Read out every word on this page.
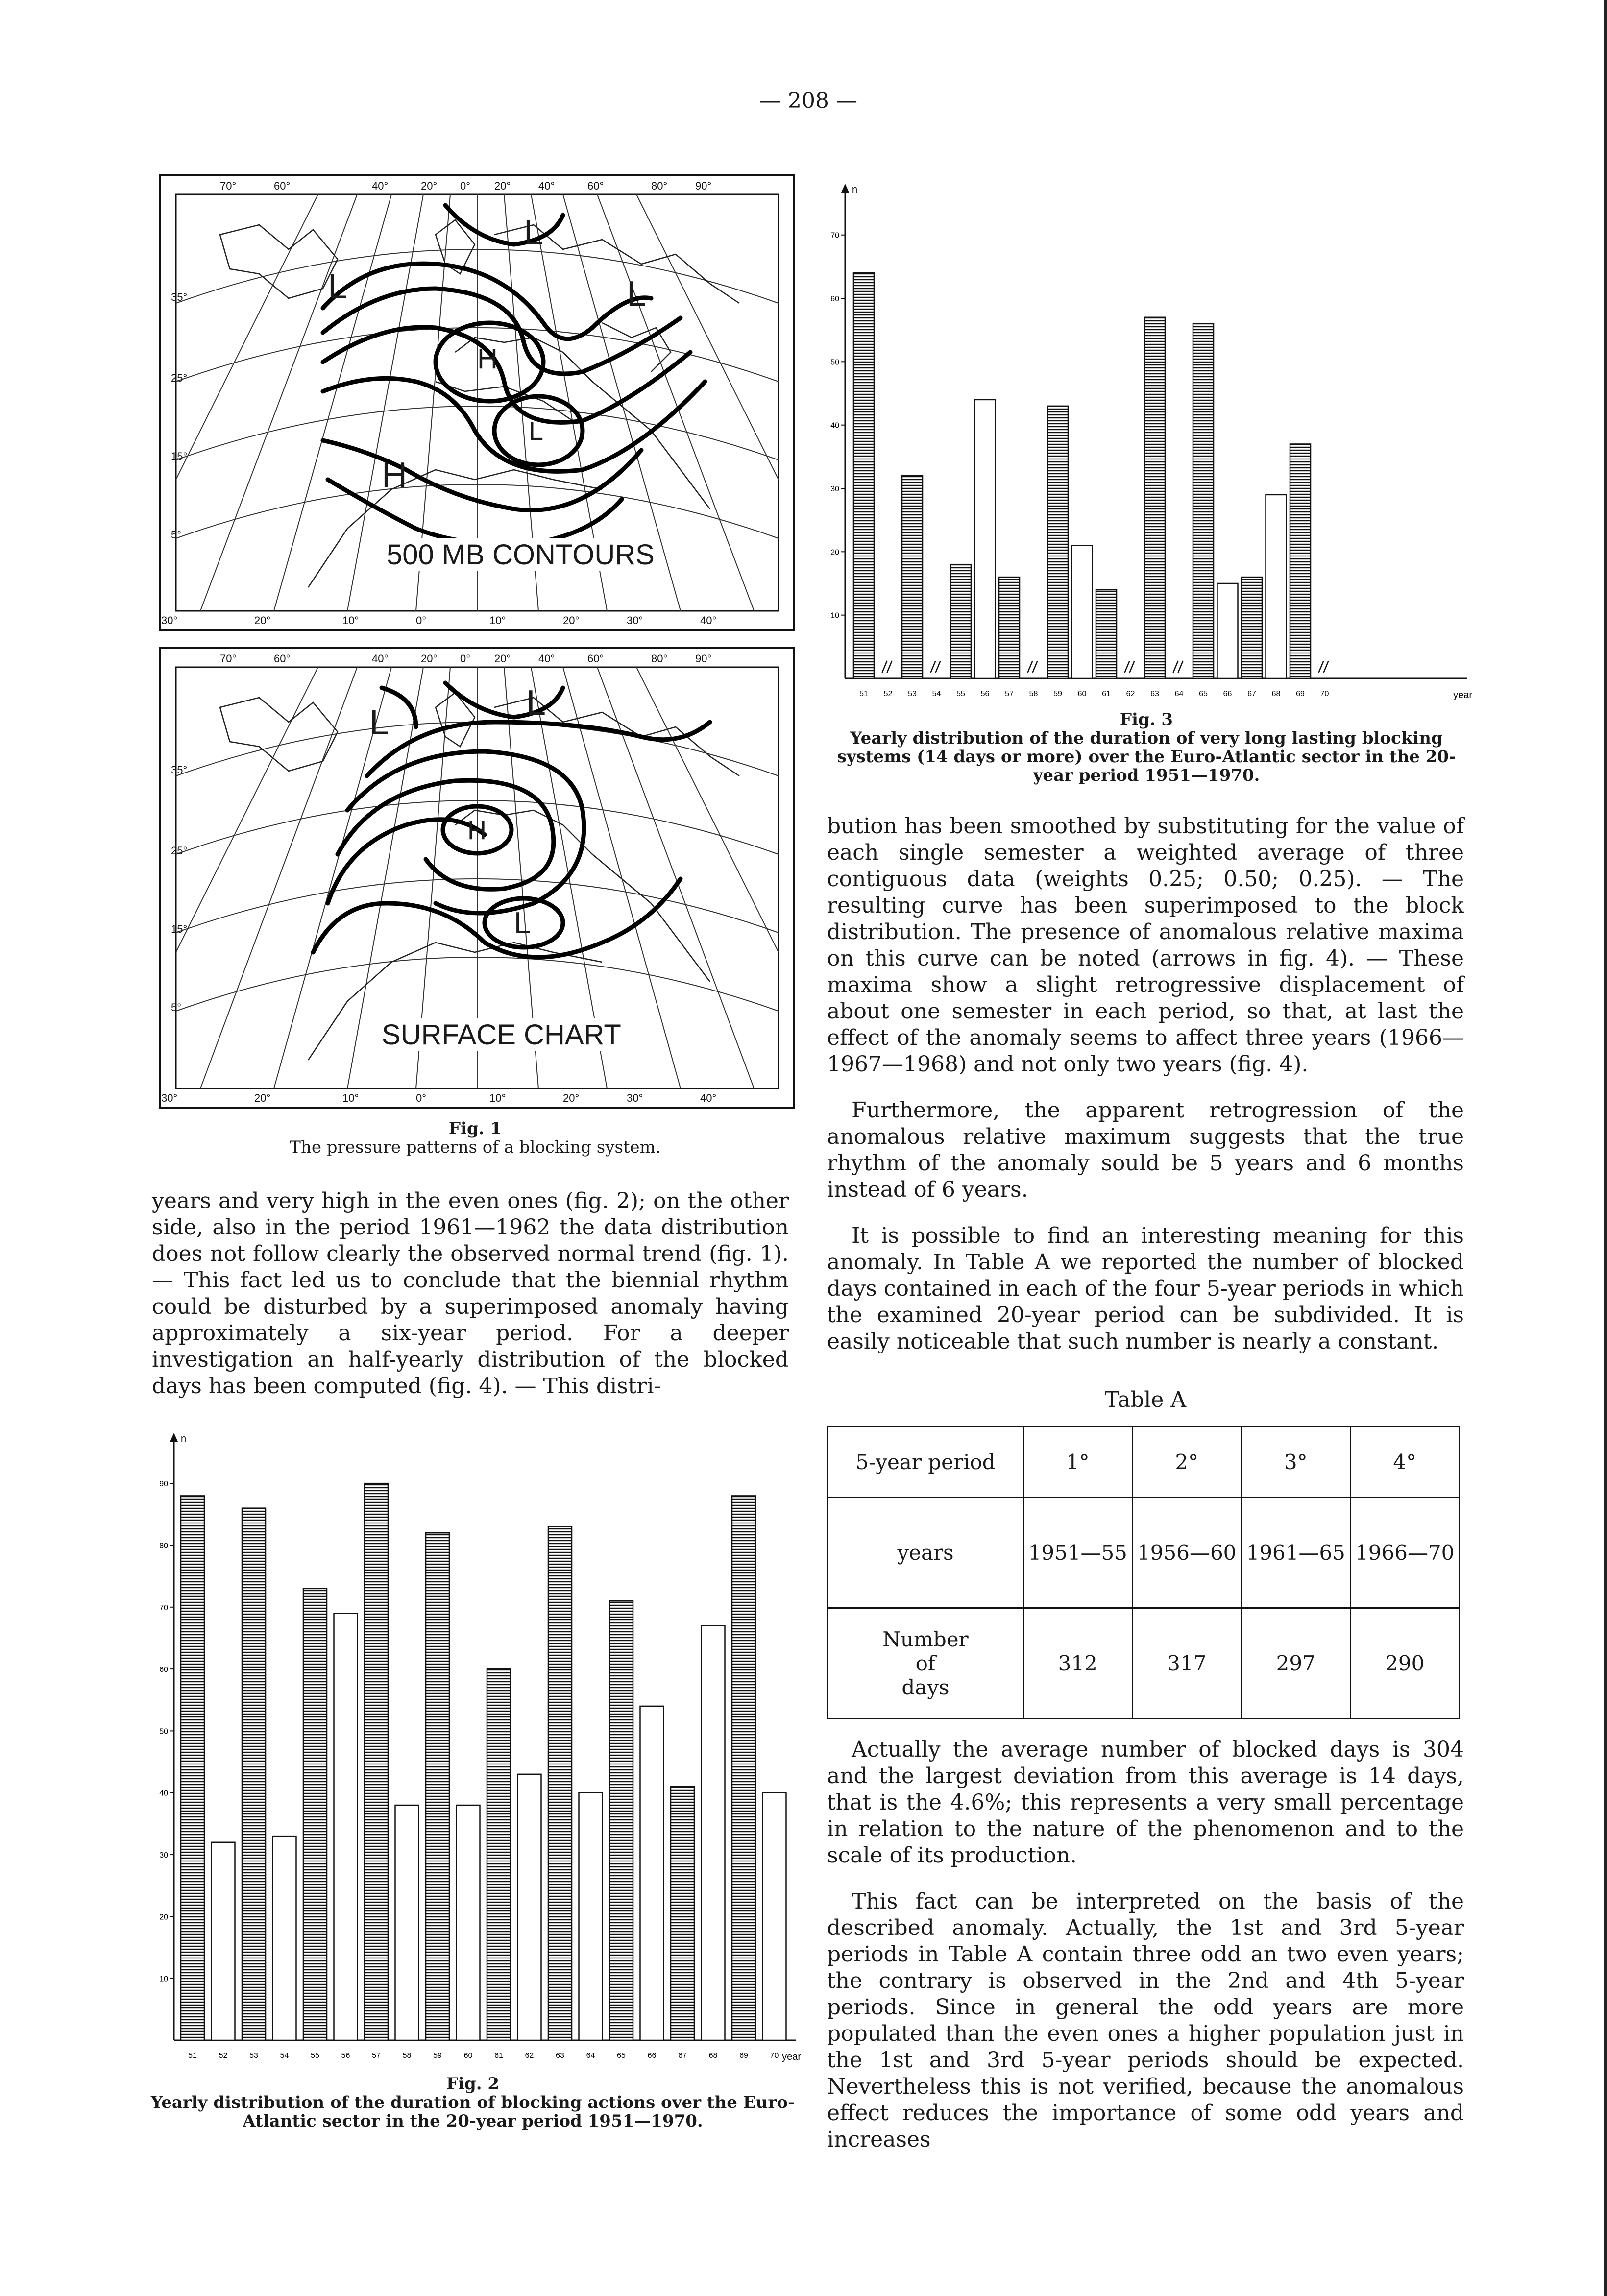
— 208 —
70°	60°	40°	20° 0° 20°	40°	60°	80°	90°
30°	20°	10°	0°	10°	20°	30°	40°
35°
25°
15°
5°
L
L
L
H
L
H
500 MB CONTOURS
70°	60°	40°	20° 0° 20°	40°	60°	80°	90°
30°	20°	10°	0°	10°	20°	30°	40°
35°
25°
15°
5°
L	L
H
L
SURFACE CHART
Fig. 1
The pressure patterns of a blocking system.

years and very high in the even ones (fig. 2); on the other side, also in the period 1961—1962 the data distribution does not follow clearly the observed normal trend (fig. 1). — This fact led us to conclude that the biennial rhythm could be disturbed by a superimposed anomaly having approximately a six-year period. For a deeper investigation an half-yearly distribution of the blocked days has been computed (fig. 4). — This distri-

n
year
10
20
30
40
50
60
70
80
90
51	52	53	54	55	56	57	58	59	60	61	62	63	64	65	66	67	68	69	70
Fig. 2
Yearly distribution of the duration of blocking actions over the Euro-Atlantic sector in the 20-year period 1951—1970.
n
year
10
20
30
40
50
60
70
51 52 53 54 55 56 57 58 59 60 61 62 63 64 65 66 67 68 69 70
Fig. 3
Yearly distribution of the duration of very long lasting blocking systems (14 days or more) over the Euro-Atlantic sector in the 20-year period 1951—1970.

bution has been smoothed by substituting for the value of each single semester a weighted average of three contiguous data (weights 0.25; 0.50; 0.25). — The resulting curve has been superimposed to the block distribution. The presence of anomalous relative maxima on this curve can be noted (arrows in fig. 4). — These maxima show a slight retrogressive displacement of about one semester in each period, so that, at last the effect of the anomaly seems to affect three years (1966—1967—1968) and not only two years (fig. 4).

Furthermore, the apparent retrogression of the anomalous relative maximum suggests that the true rhythm of the anomaly sould be 5 years and 6 months instead of 6 years.

It is possible to find an interesting meaning for this anomaly. In Table A we reported the number of blocked days contained in each of the four 5-year periods in which the examined 20-year period can be subdivided. It is easily noticeable that such number is nearly a constant.

Table A
5-year period	1°	2°	3°	4°
years	1951—55	1956—60	1961—65	1966—70

Number
of
days	312	317	297	290

Actually the average number of blocked days is 304 and the largest deviation from this average is 14 days, that is the 4.6%; this represents a very small percentage in relation to the nature of the phenomenon and to the scale of its production.

This fact can be interpreted on the basis of the described anomaly. Actually, the 1st and 3rd 5-year periods in Table A contain three odd an two even years; the contrary is observed in the 2nd and 4th 5-year periods. Since in general the odd years are more populated than the even ones a higher population just in the 1st and 3rd 5-year periods should be expected. Nevertheless this is not verified, because the anomalous effect reduces the importance of some odd years and increases
